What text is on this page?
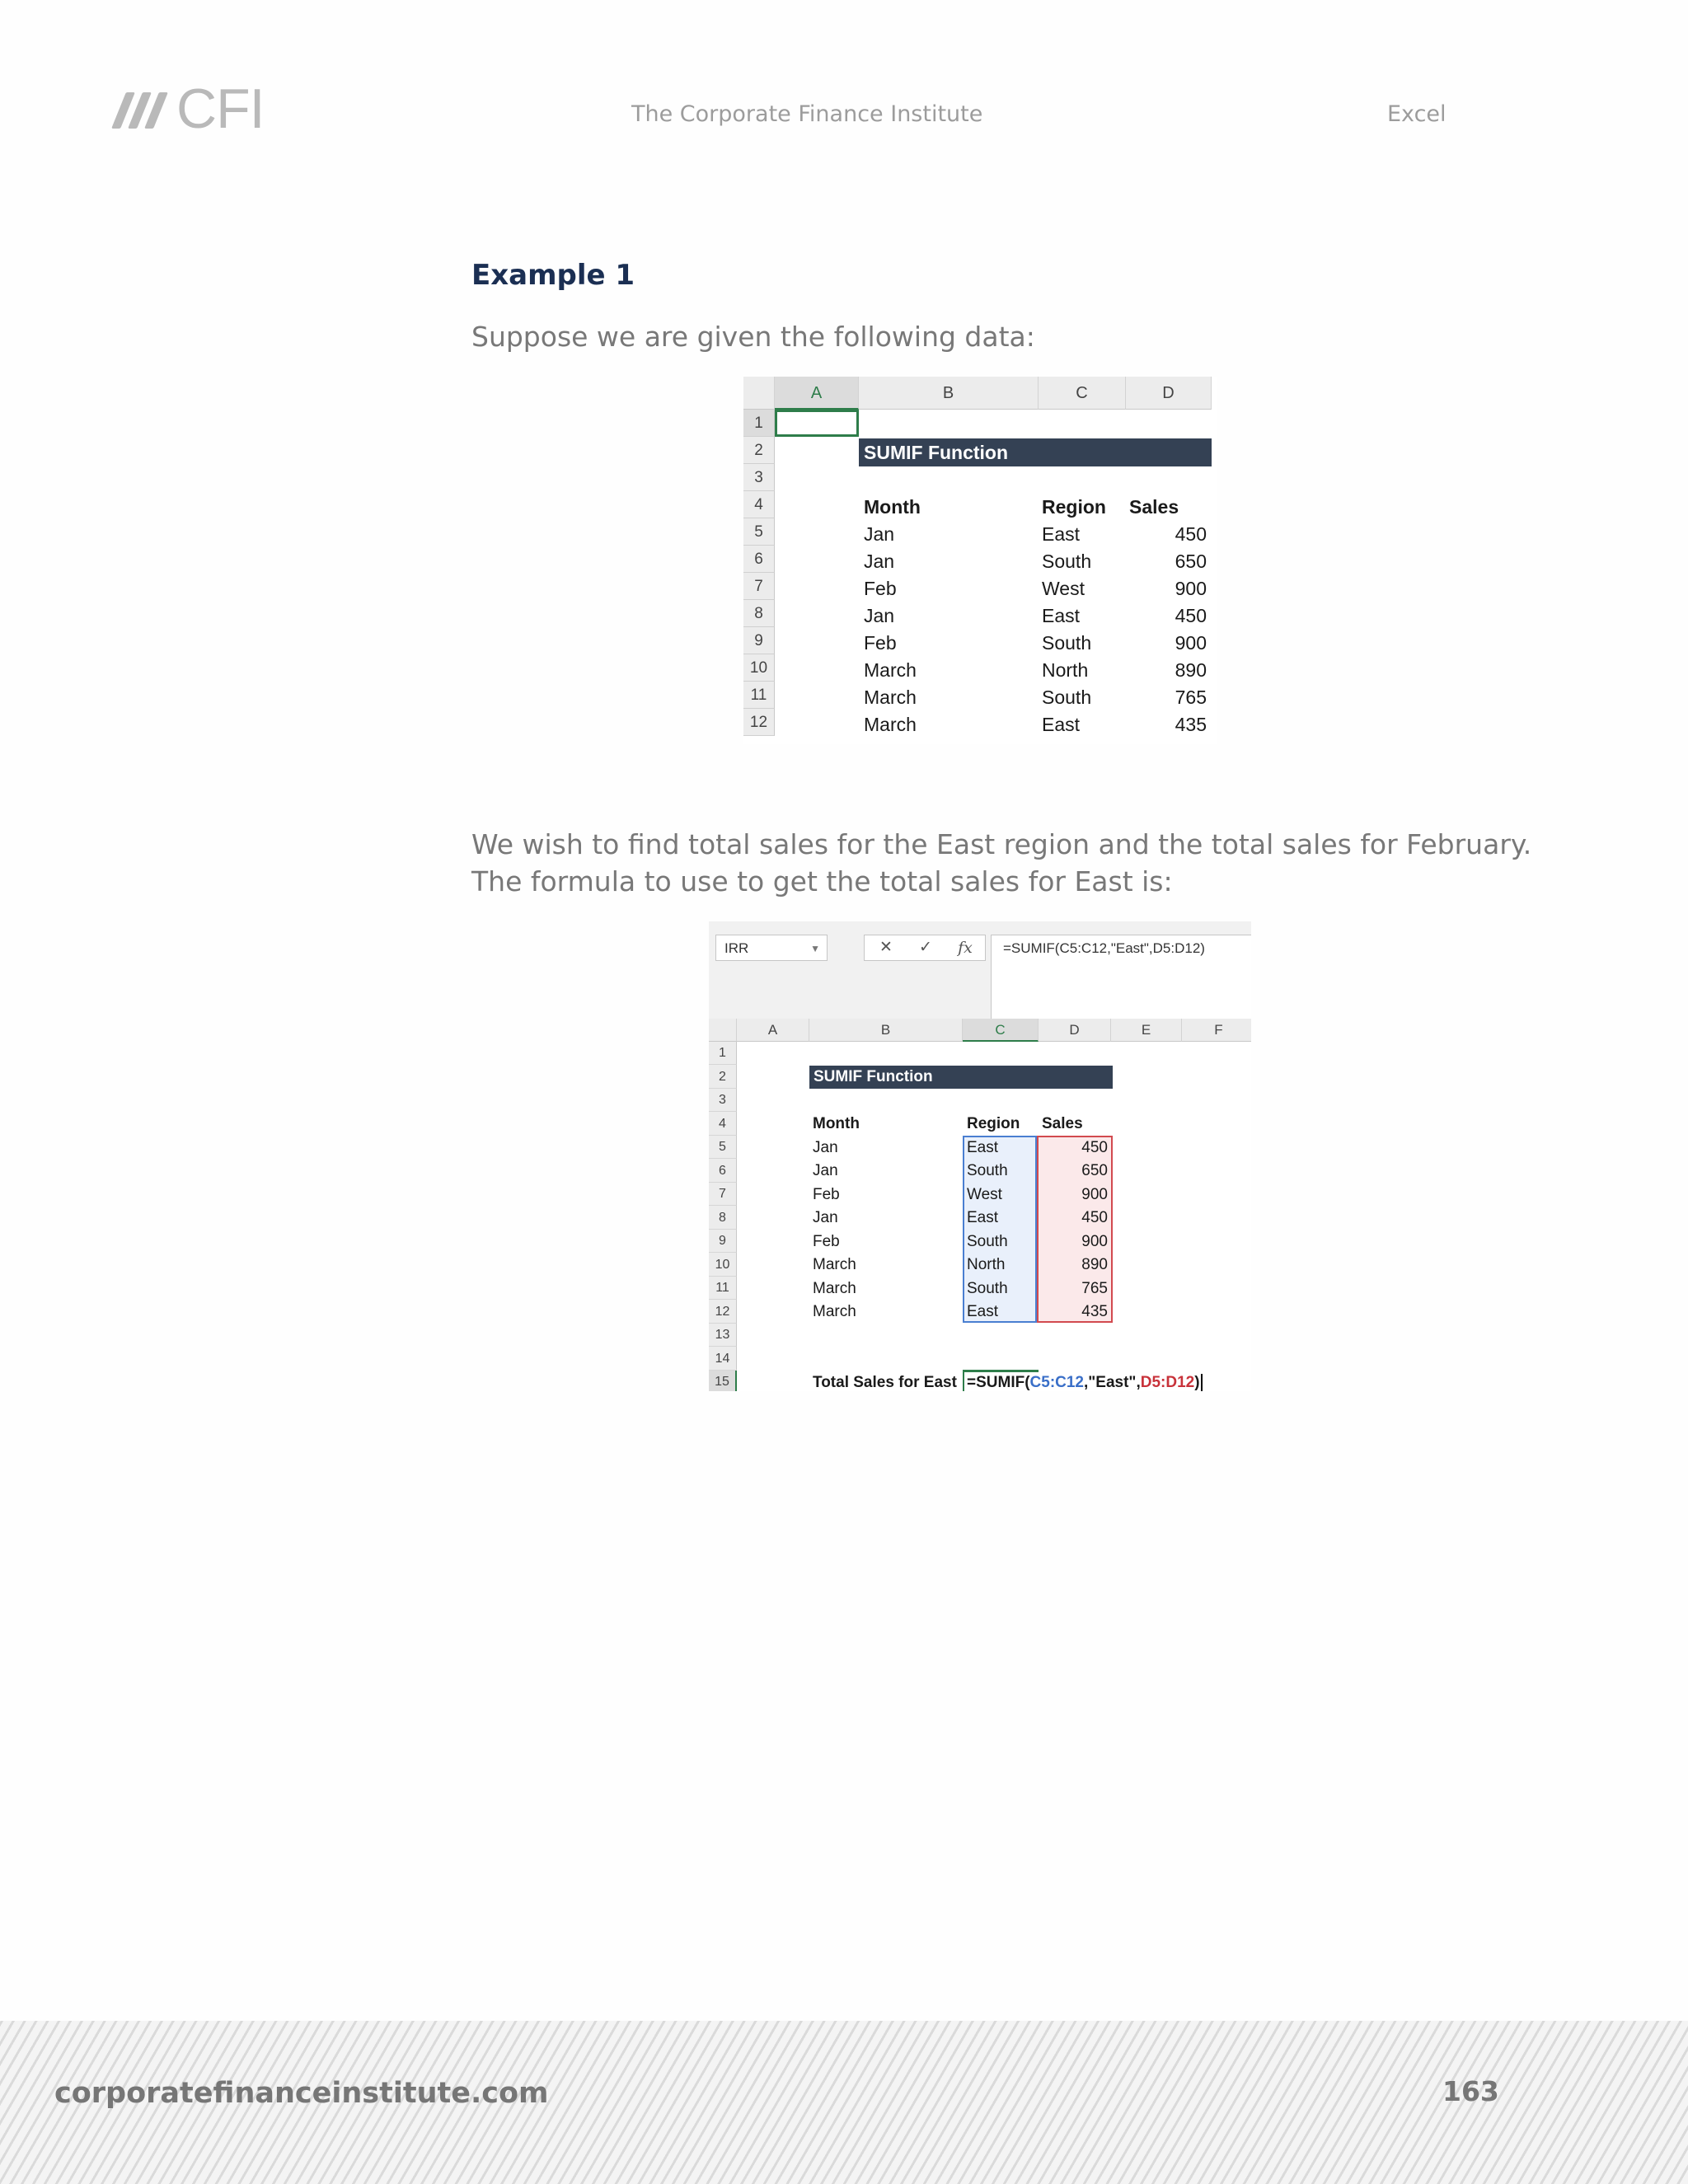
CFI	The Corporate Finance Institute	Excel
Example 1
Suppose we are given the following data:
A	B	C	D
1
2
3
4
5
6
7
8
9
10
11
12
SUMIF Function
Month	Region Sales
Jan	East	450
Jan	South	650
Feb	West	900
Jan	East	450
Feb	South	900
March	North	890
March	South	765
March	East	435
We wish to find total sales for the East region and the total sales for February.
The formula to use to get the total sales for East is:
IRR	▼	✕	✓	fx	=SUMIF(C5:C12,"East",D5:D12)
A	B	C	D	E	F
1
2
3
4
5
6
7
8
9
10
11
12
13
14
15
SUMIF Function
Month	Region Sales
Jan	East	450
Jan	South	650
Feb	West	900
Jan	East	450
Feb	South	900
March	North	890
March	South	765
March	East	435
Total Sales for East =SUMIF(C5:C12,"East",D5:D12)
corporatefinanceinstitute.com	163
